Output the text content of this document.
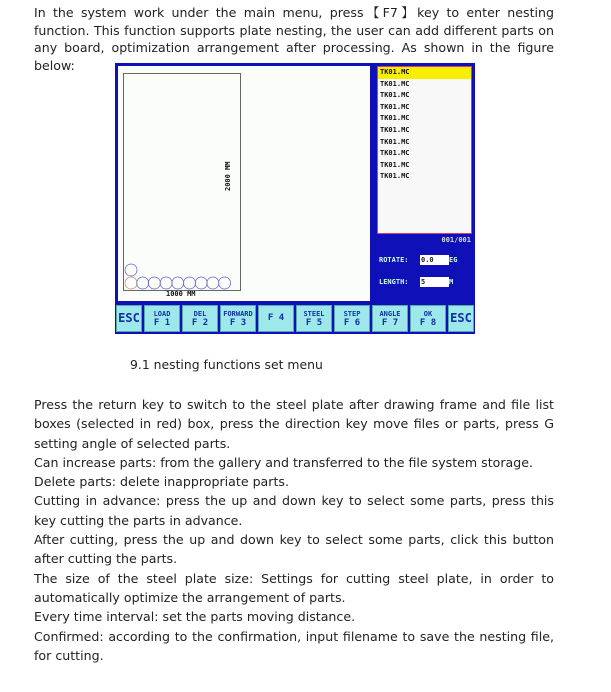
In the system work under the main menu, press【F7】key to enter nesting function. This function supports plate nesting, the user can add different parts on any board, optimization arrangement after processing. As shown in the figure below:

1000 MM
2000 MM
TK01.MC
TK01.MC
TK01.MC
TK01.MC
TK01.MC
TK01.MC
TK01.MC
TK01.MC
TK01.MC
TK01.MC
001/001
ROTATE: 0.0	EG
LENGTH: 5	M
ESC	LOAD
F 1
DEL
F 2
FORWARD
F 3	F 4	STEEL
F 5
STEP
F 6
ANGLE
F 7
OK
F 8	ESC
9.1 nesting functions set menu
Press the return key to switch to the steel plate after drawing frame and file list boxes (selected in red) box, press the direction key move files or parts, press G setting angle of selected parts.
Can increase parts: from the gallery and transferred to the file system storage.
Delete parts: delete inappropriate parts.
Cutting in advance: press the up and down key to select some parts, press this key cutting the parts in advance.
After cutting, press the up and down key to select some parts, click this button after cutting the parts.
The size of the steel plate size: Settings for cutting steel plate, in order to automatically optimize the arrangement of parts.
Every time interval: set the parts moving distance.
Confirmed: according to the confirmation, input filename to save the nesting file, for cutting.
